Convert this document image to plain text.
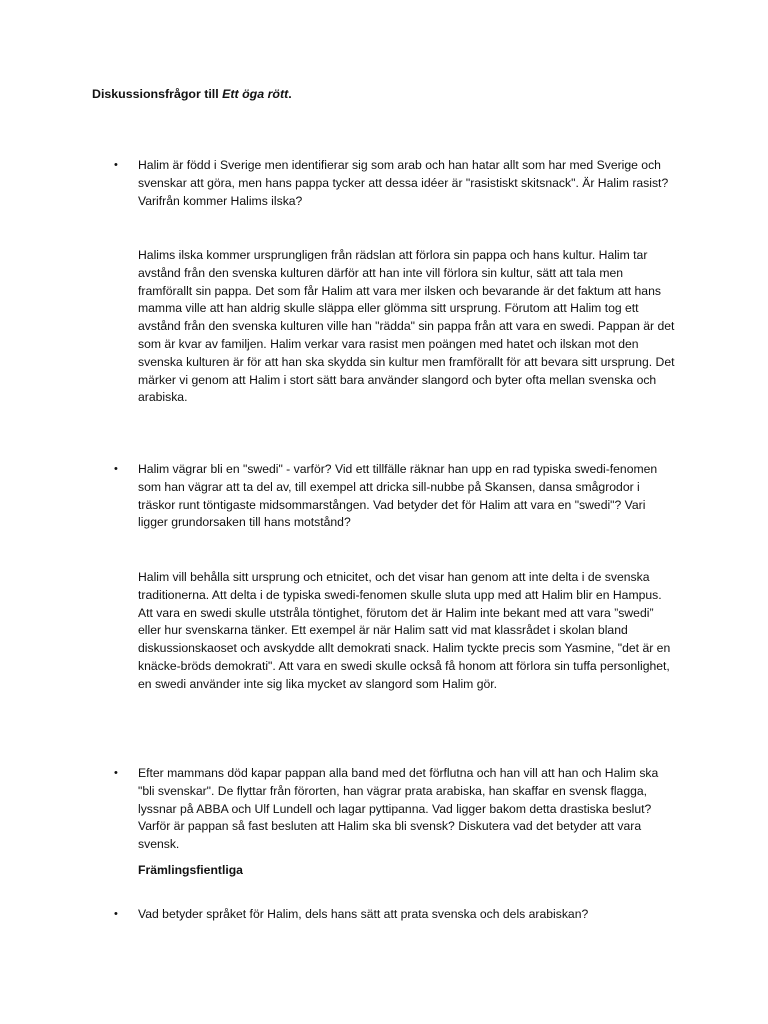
Diskussionsfrågor till Ett öga rött.
• Halim är född i Sverige men identifierar sig som arab och han hatar allt som har med Sverige och svenskar att göra, men hans pappa tycker att dessa idéer är "rasistiskt skitsnack". Är Halim rasist? Varifrån kommer Halims ilska?

Halims ilska kommer ursprungligen från rädslan att förlora sin pappa och hans kultur. Halim tar avstånd från den svenska kulturen därför att han inte vill förlora sin kultur, sätt att tala men framförallt sin pappa. Det som får Halim att vara mer ilsken och bevarande är det faktum att hans mamma ville att han aldrig skulle släppa eller glömma sitt ursprung. Förutom att Halim tog ett avstånd från den svenska kulturen ville han "rädda" sin pappa från att vara en swedi. Pappan är det som är kvar av familjen. Halim verkar vara rasist men poängen med hatet och ilskan mot den svenska kulturen är för att han ska skydda sin kultur men framförallt för att bevara sitt ursprung. Det märker vi genom att Halim i stort sätt bara använder slangord och byter ofta mellan svenska och arabiska.

• Halim vägrar bli en "swedi" - varför? Vid ett tillfälle räknar han upp en rad typiska swedi-fenomen som han vägrar att ta del av, till exempel att dricka sill-nubbe på Skansen, dansa smågrodor i träskor runt töntigaste midsommarstången. Vad betyder det för Halim att vara en "swedi"? Vari ligger grundorsaken till hans motstånd?

Halim vill behålla sitt ursprung och etnicitet, och det visar han genom att inte delta i de svenska traditionerna. Att delta i de typiska swedi-fenomen skulle sluta upp med att Halim blir en Hampus. Att vara en swedi skulle utstråla töntighet, förutom det är Halim inte bekant med att vara ”swedi” eller hur svenskarna tänker. Ett exempel är när Halim satt vid mat klassrådet i skolan bland diskussionskaoset och avskydde allt demokrati snack. Halim tyckte precis som Yasmine, "det är en knäcke-bröds demokrati". Att vara en swedi skulle också få honom att förlora sin tuffa personlighet, en swedi använder inte sig lika mycket av slangord som Halim gör.

• Efter mammans död kapar pappan alla band med det förflutna och han vill att han och Halim ska "bli svenskar". De flyttar från förorten, han vägrar prata arabiska, han skaffar en svensk flagga, lyssnar på ABBA och Ulf Lundell och lagar pyttipanna. Vad ligger bakom detta drastiska beslut? Varför är pappan så fast besluten att Halim ska bli svensk? Diskutera vad det betyder att vara svensk.

Främlingsfientliga
• Vad betyder språket för Halim, dels hans sätt att prata svenska och dels arabiskan?
